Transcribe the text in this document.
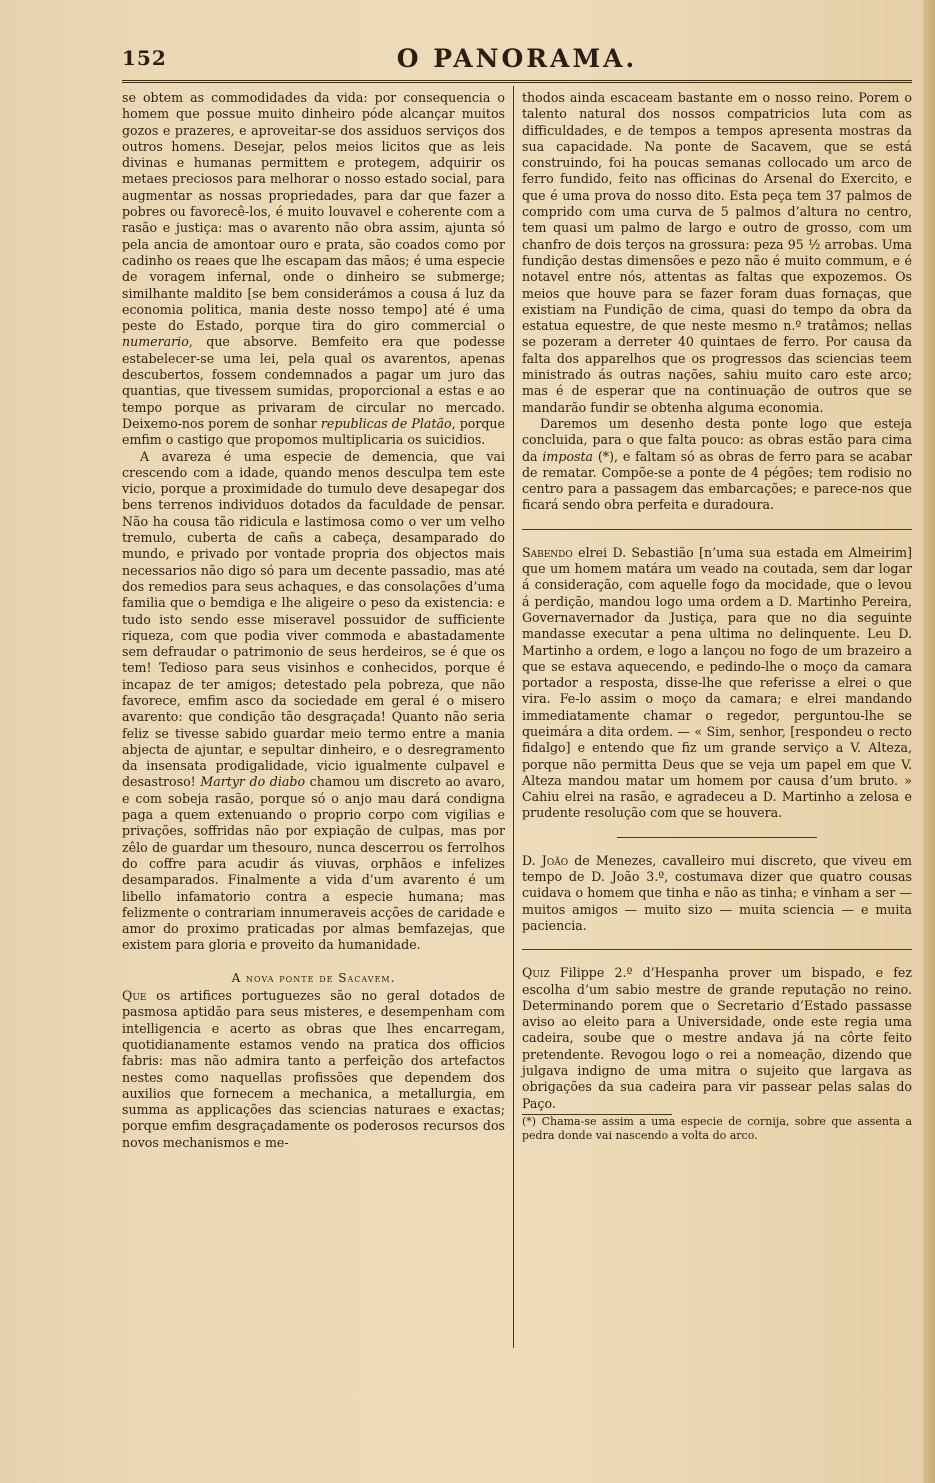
152	O PANORAMA.

se obtem as commodidades da vida: por consequencia o homem que possue muito dinheiro póde alcançar muitos gozos e prazeres, e aproveitar-se dos assiduos serviços dos outros homens. Desejar, pelos meios licitos que as leis divinas e humanas permittem e protegem, adquirir os metaes preciosos para melhorar o nosso estado social, para augmentar as nossas propriedades, para dar que fazer a pobres ou favorecê-los, é muito louvavel e coherente com a rasão e justiça: mas o avarento não obra assim, ajunta só pela ancia de amontoar ouro e prata, são coados como por cadinho os reaes que lhe escapam das mãos; é uma especie de voragem infernal, onde o dinheiro se submerge; similhante maldito [se bem considerámos a cousa á luz da economia politica, mania deste nosso tempo] até é uma peste do Estado, porque tira do giro commercial o numerario, que absorve. Bemfeito era que podesse estabelecer-se uma lei, pela qual os avarentos, apenas descubertos, fossem condemnados a pagar um juro das quantias, que tivessem sumidas, proporcional a estas e ao tempo porque as privaram de circular no mercado. Deixemo-nos porem de sonhar republicas de Platão, porque emfim o castigo que propomos multiplicaria os suicidios.

A avareza é uma especie de demencia, que vai crescendo com a idade, quando menos desculpa tem este vicio, porque a proximidade do tumulo deve desapegar dos bens terrenos individuos dotados da faculdade de pensar. Não ha cousa tão ridicula e lastimosa como o ver um velho tremulo, cuberta de cañs a cabeça, desamparado do mundo, e privado por vontade propria dos objectos mais necessarios não digo só para um decente passadio, mas até dos remedios para seus achaques, e das consolações d’uma familia que o bemdiga e lhe aligeire o peso da existencia: e tudo isto sendo esse miseravel possuidor de sufficiente riqueza, com que podia viver commoda e abastadamente sem defraudar o patrimonio de seus herdeiros, se é que os tem! Tedioso para seus visinhos e conhecidos, porque é incapaz de ter amigos; detestado pela pobreza, que não favorece, emfim asco da sociedade em geral é o misero avarento: que condição tão desgraçada! Quanto não seria feliz se tivesse sabido guardar meio termo entre a mania abjecta de ajuntar, e sepultar dinheiro, e o desregramento da insensata prodigalidade, vicio igualmente culpavel e desastroso! Martyr do diabo chamou um discreto ao avaro, e com sobeja rasão, porque só o anjo mau dará condigna paga a quem extenuando o proprio corpo com vigilias e privações, soffridas não por expiação de culpas, mas por zêlo de guardar um thesouro, nunca descerrou os ferrolhos do coffre para acudir ás viuvas, orphãos e infelizes desamparados. Finalmente a vida d’um avarento é um libello infamatorio contra a especie humana; mas felizmente o contrariam innumeraveis acções de caridade e amor do proximo praticadas por almas bemfazejas, que existem para gloria e proveito da humanidade.

A nova ponte de Sacavem.

Que os artifices portuguezes são no geral dotados de pasmosa aptidão para seus misteres, e desempenham com intelligencia e acerto as obras que lhes encarregam, quotidianamente estamos vendo na pratica dos officios fabris: mas não admira tanto a perfeição dos artefactos nestes como naquellas profissões que dependem dos auxilios que fornecem a mechanica, a metallurgia, em summa as applicações das sciencias naturaes e exactas; porque emfim desgraçadamente os poderosos recursos dos novos mechanismos e me-

thodos ainda escaceam bastante em o nosso reino. Porem o talento natural dos nossos compatricios luta com as difficuldades, e de tempos a tempos apresenta mostras da sua capacidade. Na ponte de Sacavem, que se está construindo, foi ha poucas semanas collocado um arco de ferro fundido, feito nas officinas do Arsenal do Exercito, e que é uma prova do nosso dito. Esta peça tem 37 palmos de comprido com uma curva de 5 palmos d’altura no centro, tem quasi um palmo de largo e outro de grosso, com um chanfro de dois terços na grossura: peza 95 ½ arrobas. Uma fundição destas dimensões e pezo não é muito commum, e é notavel entre nós, attentas as faltas que expozemos. Os meios que houve para se fazer foram duas fornaças, que existiam na Fundição de cima, quasi do tempo da obra da estatua equestre, de que neste mesmo n.º tratâmos; nellas se pozeram a derreter 40 quintaes de ferro. Por causa da falta dos apparelhos que os progressos das sciencias teem ministrado ás outras nações, sahiu muito caro este arco; mas é de esperar que na continuação de outros que se mandarão fundir se obtenha alguma economia.

Daremos um desenho desta ponte logo que esteja concluida, para o que falta pouco: as obras estão para cima da imposta (*), e faltam só as obras de ferro para se acabar de rematar. Compõe-se a ponte de 4 pégões; tem rodisio no centro para a passagem das embarcações; e parece-nos que ficará sendo obra perfeita e duradoura.

Sabendo elrei D. Sebastião [n’uma sua estada em Almeirim] que um homem matára um veado na coutada, sem dar logar á consideração, com aquelle fogo da mocidade, que o levou á perdição, mandou logo uma ordem a D. Martinho Pereira, Governavernador da Justiça, para que no dia seguinte mandasse executar a pena ultima no delinquente. Leu D. Martinho a ordem, e logo a lançou no fogo de um brazeiro a que se estava aquecendo, e pedindo-lhe o moço da camara portador a resposta, disse-lhe que referisse a elrei o que vira. Fe-lo assim o moço da camara; e elrei mandando immediatamente chamar o regedor, perguntou-lhe se queimára a dita ordem. — « Sim, senhor, [respondeu o recto fidalgo] e entendo que fiz um grande serviço a V. Alteza, porque não permitta Deus que se veja um papel em que V. Alteza mandou matar um homem por causa d’um bruto. » Cahiu elrei na rasão, e agradeceu a D. Martinho a zelosa e prudente resolução com que se houvera.

D. João de Menezes, cavalleiro mui discreto, que viveu em tempo de D. João 3.º, costumava dizer que quatro cousas cuidava o homem que tinha e não as tinha; e vinham a ser — muitos amigos — muito sizo — muita sciencia — e muita paciencia.

Quiz Filippe 2.º d’Hespanha prover um bispado, e fez escolha d’um sabio mestre de grande reputação no reino. Determinando porem que o Secretario d’Estado passasse aviso ao eleito para a Universidade, onde este regia uma cadeira, soube que o mestre andava já na côrte feito pretendente. Revogou logo o rei a nomeação, dizendo que julgava indigno de uma mitra o sujeito que largava as obrigações da sua cadeira para vir passear pelas salas do Paço.

(*) Chama-se assim a uma especie de cornija, sobre que assenta a pedra donde vai nascendo a volta do arco.
